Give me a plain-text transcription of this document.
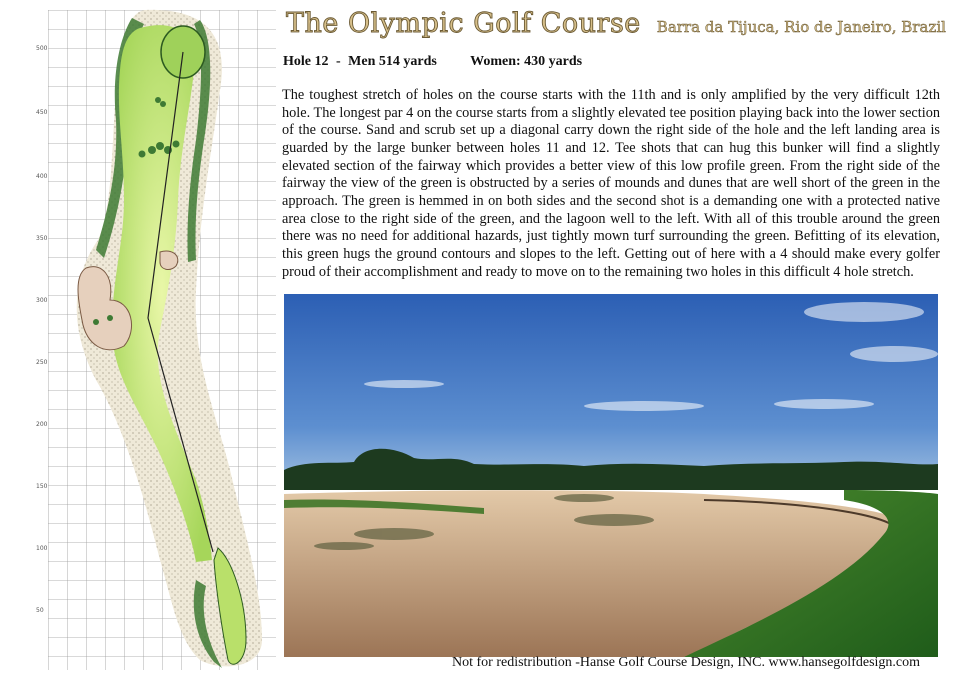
500
450
400
350
300
250
200
150
100
50
The Olympic Golf Course Barra da Tijuca, Rio de Janeiro, Brazil
Hole 12 - Men 514 yards Women: 430 yards

The toughest stretch of holes on the course starts with the 11th and is only amplified by the very difficult 12th hole. The longest par 4 on the course starts from a slightly elevated tee position playing back into the lower section of the course. Sand and scrub set up a diagonal carry down the right side of the hole and the left landing area is guarded by the large bunker between holes 11 and 12. Tee shots that can hug this bunker will find a slightly elevated section of the fairway which provides a better view of this low profile green. From the right side of the fairway the view of the green is obstructed by a series of mounds and dunes that are well short of the green in the approach. The green is hemmed in on both sides and the second shot is a demanding one with a protected native area close to the right side of the green, and the lagoon well to the left. With all of this trouble around the green there was no need for additional hazards, just tightly mown turf surrounding the green. Befitting of its elevation, this green hugs the ground contours and slopes to the left. Getting out of here with a 4 should make every golfer proud of their accomplishment and ready to move on to the remaining two holes in this difficult 4 hole stretch.

Not for redistribution -Hanse Golf Course Design, INC. www.hansegolfdesign.com
